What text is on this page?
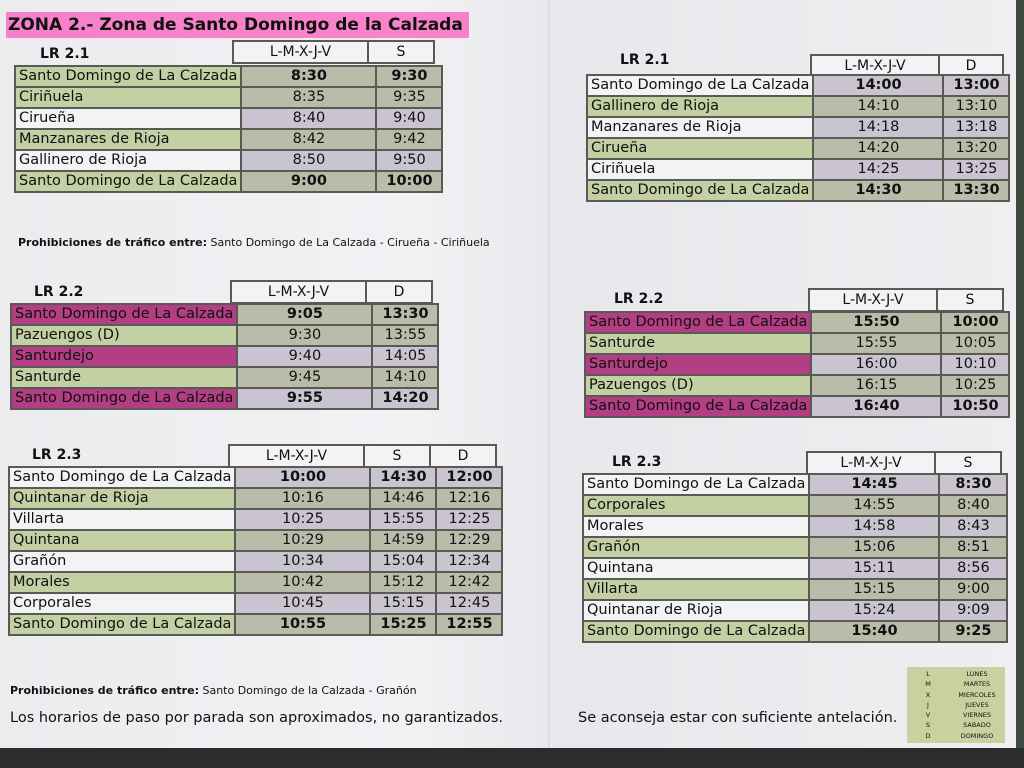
ZONA 2.- Zona de Santo Domingo de la Calzada
LR 2.1	L-M-X-J-V	S
Santo Domingo de La Calzada	8:30	9:30
Ciriñuela	8:35	9:35
Cirueña	8:40	9:40
Manzanares de Rioja	8:42	9:42
Gallinero de Rioja	8:50	9:50
Santo Domingo de La Calzada	9:00	10:00
Prohibiciones de tráfico entre: Santo Domingo de La Calzada - Cirueña - Ciriñuela
LR 2.1	L-M-X-J-V	D
Santo Domingo de La Calzada	14:00	13:00
Gallinero de Rioja	14:10	13:10
Manzanares de Rioja	14:18	13:18
Cirueña	14:20	13:20
Ciriñuela	14:25	13:25
Santo Domingo de La Calzada	14:30	13:30
LR 2.2	L-M-X-J-V	D
Santo Domingo de La Calzada	9:05	13:30
Pazuengos (D)	9:30	13:55
Santurdejo	9:40	14:05
Santurde	9:45	14:10
Santo Domingo de La Calzada	9:55	14:20
LR 2.2	L-M-X-J-V	S
Santo Domingo de La Calzada	15:50	10:00
Santurde	15:55	10:05
Santurdejo	16:00	10:10
Pazuengos (D)	16:15	10:25
Santo Domingo de La Calzada	16:40	10:50
LR 2.3	L-M-X-J-V	S	D
Santo Domingo de La Calzada	10:00	14:30	12:00
Quintanar de Rioja	10:16	14:46	12:16
Villarta	10:25	15:55	12:25
Quintana	10:29	14:59	12:29
Grañón	10:34	15:04	12:34
Morales	10:42	15:12	12:42
Corporales	10:45	15:15	12:45
Santo Domingo de La Calzada	10:55	15:25	12:55
LR 2.3	L-M-X-J-V	S
Santo Domingo de La Calzada	14:45	8:30
Corporales	14:55	8:40
Morales	14:58	8:43
Grañón	15:06	8:51
Quintana	15:11	8:56
Villarta	15:15	9:00
Quintanar de Rioja	15:24	9:09
Santo Domingo de La Calzada	15:40	9:25
Prohibiciones de tráfico entre: Santo Domingo de la Calzada - Grañón
Los horarios de paso por parada son aproximados, no garantizados.	Se aconseja estar con suficiente antelación.
L	LUNES
M	MARTES
X	MIERCOLES
J	JUEVES
V	VIERNES
S	SABADO
D	DOMINGO
